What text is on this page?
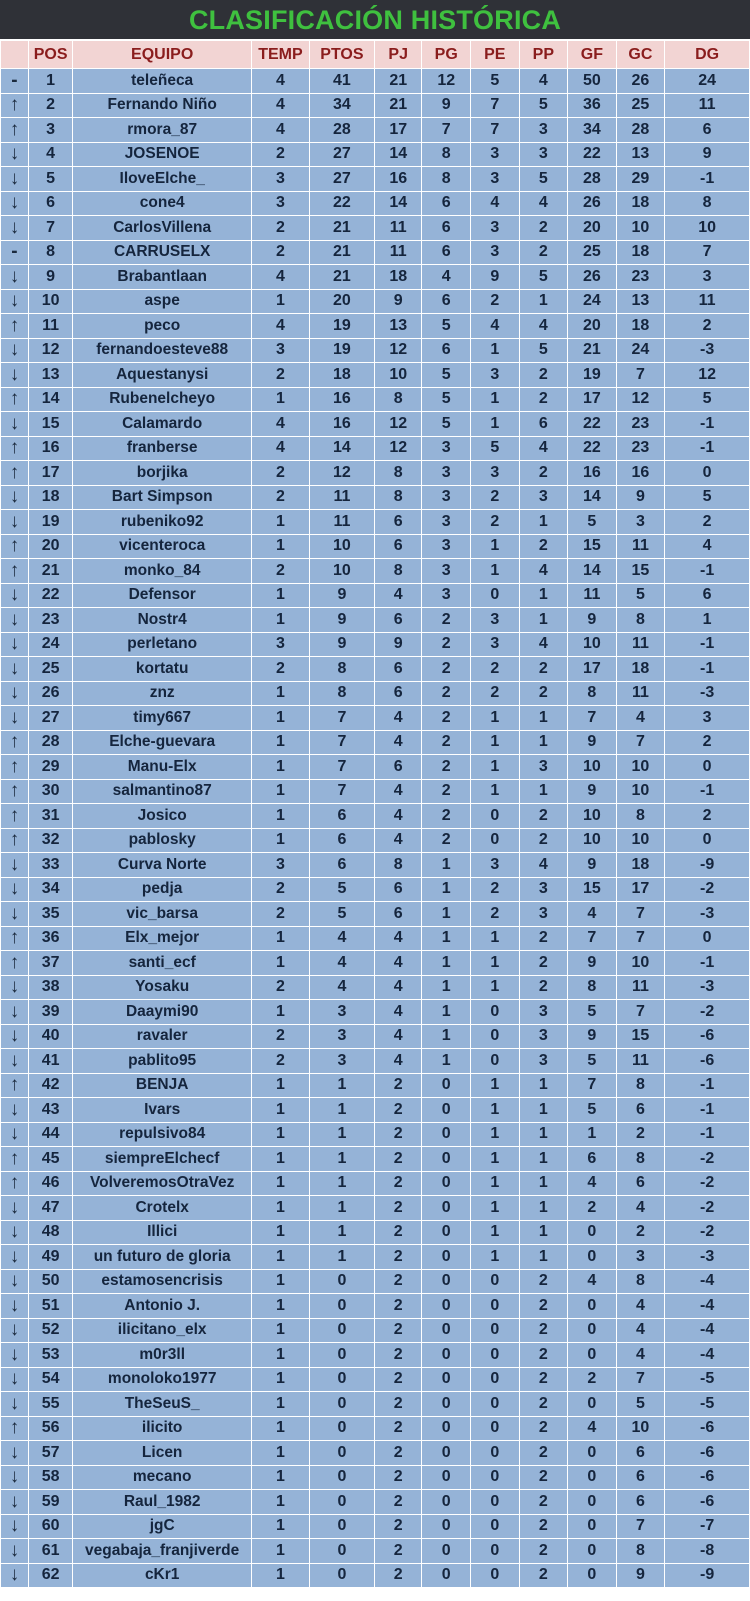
CLASIFICACIÓN HISTÓRICA
	POS	EQUIPO	TEMP	PTOS	PJ	PG	PE	PP	GF	GC	DG
-	1	teleñeca	4	41	21	12	5	4	50	26	24
↑	2	Fernando Niño	4	34	21	9	7	5	36	25	11
↑	3	rmora_87	4	28	17	7	7	3	34	28	6
↓	4	JOSENOE	2	27	14	8	3	3	22	13	9
↓	5	IloveElche_	3	27	16	8	3	5	28	29	-1
↓	6	cone4	3	22	14	6	4	4	26	18	8
↓	7	CarlosVillena	2	21	11	6	3	2	20	10	10
-	8	CARRUSELX	2	21	11	6	3	2	25	18	7
↓	9	Brabantlaan	4	21	18	4	9	5	26	23	3
↓	10	aspe	1	20	9	6	2	1	24	13	11
↑	11	peco	4	19	13	5	4	4	20	18	2
↓	12	fernandoesteve88	3	19	12	6	1	5	21	24	-3
↓	13	Aquestanysi	2	18	10	5	3	2	19	7	12
↑	14	Rubenelcheyo	1	16	8	5	1	2	17	12	5
↓	15	Calamardo	4	16	12	5	1	6	22	23	-1
↑	16	franberse	4	14	12	3	5	4	22	23	-1
↑	17	borjika	2	12	8	3	3	2	16	16	0
↓	18	Bart Simpson	2	11	8	3	2	3	14	9	5
↓	19	rubeniko92	1	11	6	3	2	1	5	3	2
↑	20	vicenteroca	1	10	6	3	1	2	15	11	4
↑	21	monko_84	2	10	8	3	1	4	14	15	-1
↓	22	Defensor	1	9	4	3	0	1	11	5	6
↓	23	Nostr4	1	9	6	2	3	1	9	8	1
↓	24	perletano	3	9	9	2	3	4	10	11	-1
↓	25	kortatu	2	8	6	2	2	2	17	18	-1
↓	26	znz	1	8	6	2	2	2	8	11	-3
↓	27	timy667	1	7	4	2	1	1	7	4	3
↑	28	Elche-guevara	1	7	4	2	1	1	9	7	2
↑	29	Manu-Elx	1	7	6	2	1	3	10	10	0
↑	30	salmantino87	1	7	4	2	1	1	9	10	-1
↑	31	Josico	1	6	4	2	0	2	10	8	2
↑	32	pablosky	1	6	4	2	0	2	10	10	0
↓	33	Curva Norte	3	6	8	1	3	4	9	18	-9
↓	34	pedja	2	5	6	1	2	3	15	17	-2
↓	35	vic_barsa	2	5	6	1	2	3	4	7	-3
↑	36	Elx_mejor	1	4	4	1	1	2	7	7	0
↑	37	santi_ecf	1	4	4	1	1	2	9	10	-1
↓	38	Yosaku	2	4	4	1	1	2	8	11	-3
↓	39	Daaymi90	1	3	4	1	0	3	5	7	-2
↓	40	ravaler	2	3	4	1	0	3	9	15	-6
↓	41	pablito95	2	3	4	1	0	3	5	11	-6
↑	42	BENJA	1	1	2	0	1	1	7	8	-1
↓	43	Ivars	1	1	2	0	1	1	5	6	-1
↓	44	repulsivo84	1	1	2	0	1	1	1	2	-1
↑	45	siempreElchecf	1	1	2	0	1	1	6	8	-2
↑	46	VolveremosOtraVez	1	1	2	0	1	1	4	6	-2
↓	47	Crotelx	1	1	2	0	1	1	2	4	-2
↓	48	Illici	1	1	2	0	1	1	0	2	-2
↓	49	un futuro de gloria	1	1	2	0	1	1	0	3	-3
↓	50	estamosencrisis	1	0	2	0	0	2	4	8	-4
↓	51	Antonio J.	1	0	2	0	0	2	0	4	-4
↓	52	ilicitano_elx	1	0	2	0	0	2	0	4	-4
↓	53	m0r3ll	1	0	2	0	0	2	0	4	-4
↓	54	monoloko1977	1	0	2	0	0	2	2	7	-5
↓	55	TheSeuS_	1	0	2	0	0	2	0	5	-5
↑	56	ilicito	1	0	2	0	0	2	4	10	-6
↓	57	Licen	1	0	2	0	0	2	0	6	-6
↓	58	mecano	1	0	2	0	0	2	0	6	-6
↓	59	Raul_1982	1	0	2	0	0	2	0	6	-6
↓	60	jgC	1	0	2	0	0	2	0	7	-7
↓	61	vegabaja_franjiverde	1	0	2	0	0	2	0	8	-8
↓	62	cKr1	1	0	2	0	0	2	0	9	-9
